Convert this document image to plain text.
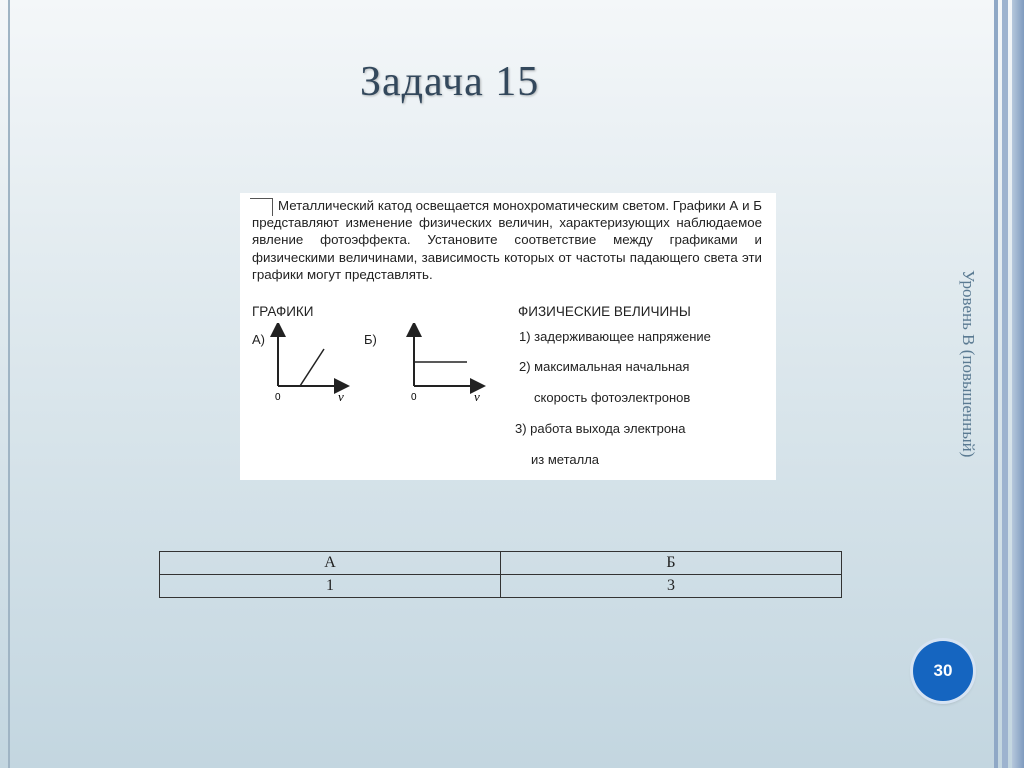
Задача 15
Уровень В (повышенный)
Металлический катод освещается монохроматическим светом. Графики А и Б представляют изменение физических величин, характеризующих наблюдаемое явление фотоэффекта. Установите соответствие между графиками и физическими величинами, зависимость которых от частоты падающего света эти графики могут представлять.
ГРАФИКИ	ФИЗИЧЕСКИЕ ВЕЛИЧИНЫ
А)	Б)
0	ν	0	ν
1) задерживающее напряжение
2) максимальная начальная
скорость фотоэлектронов
3) работа выхода электрона
из металла
А	Б
1	3
30
